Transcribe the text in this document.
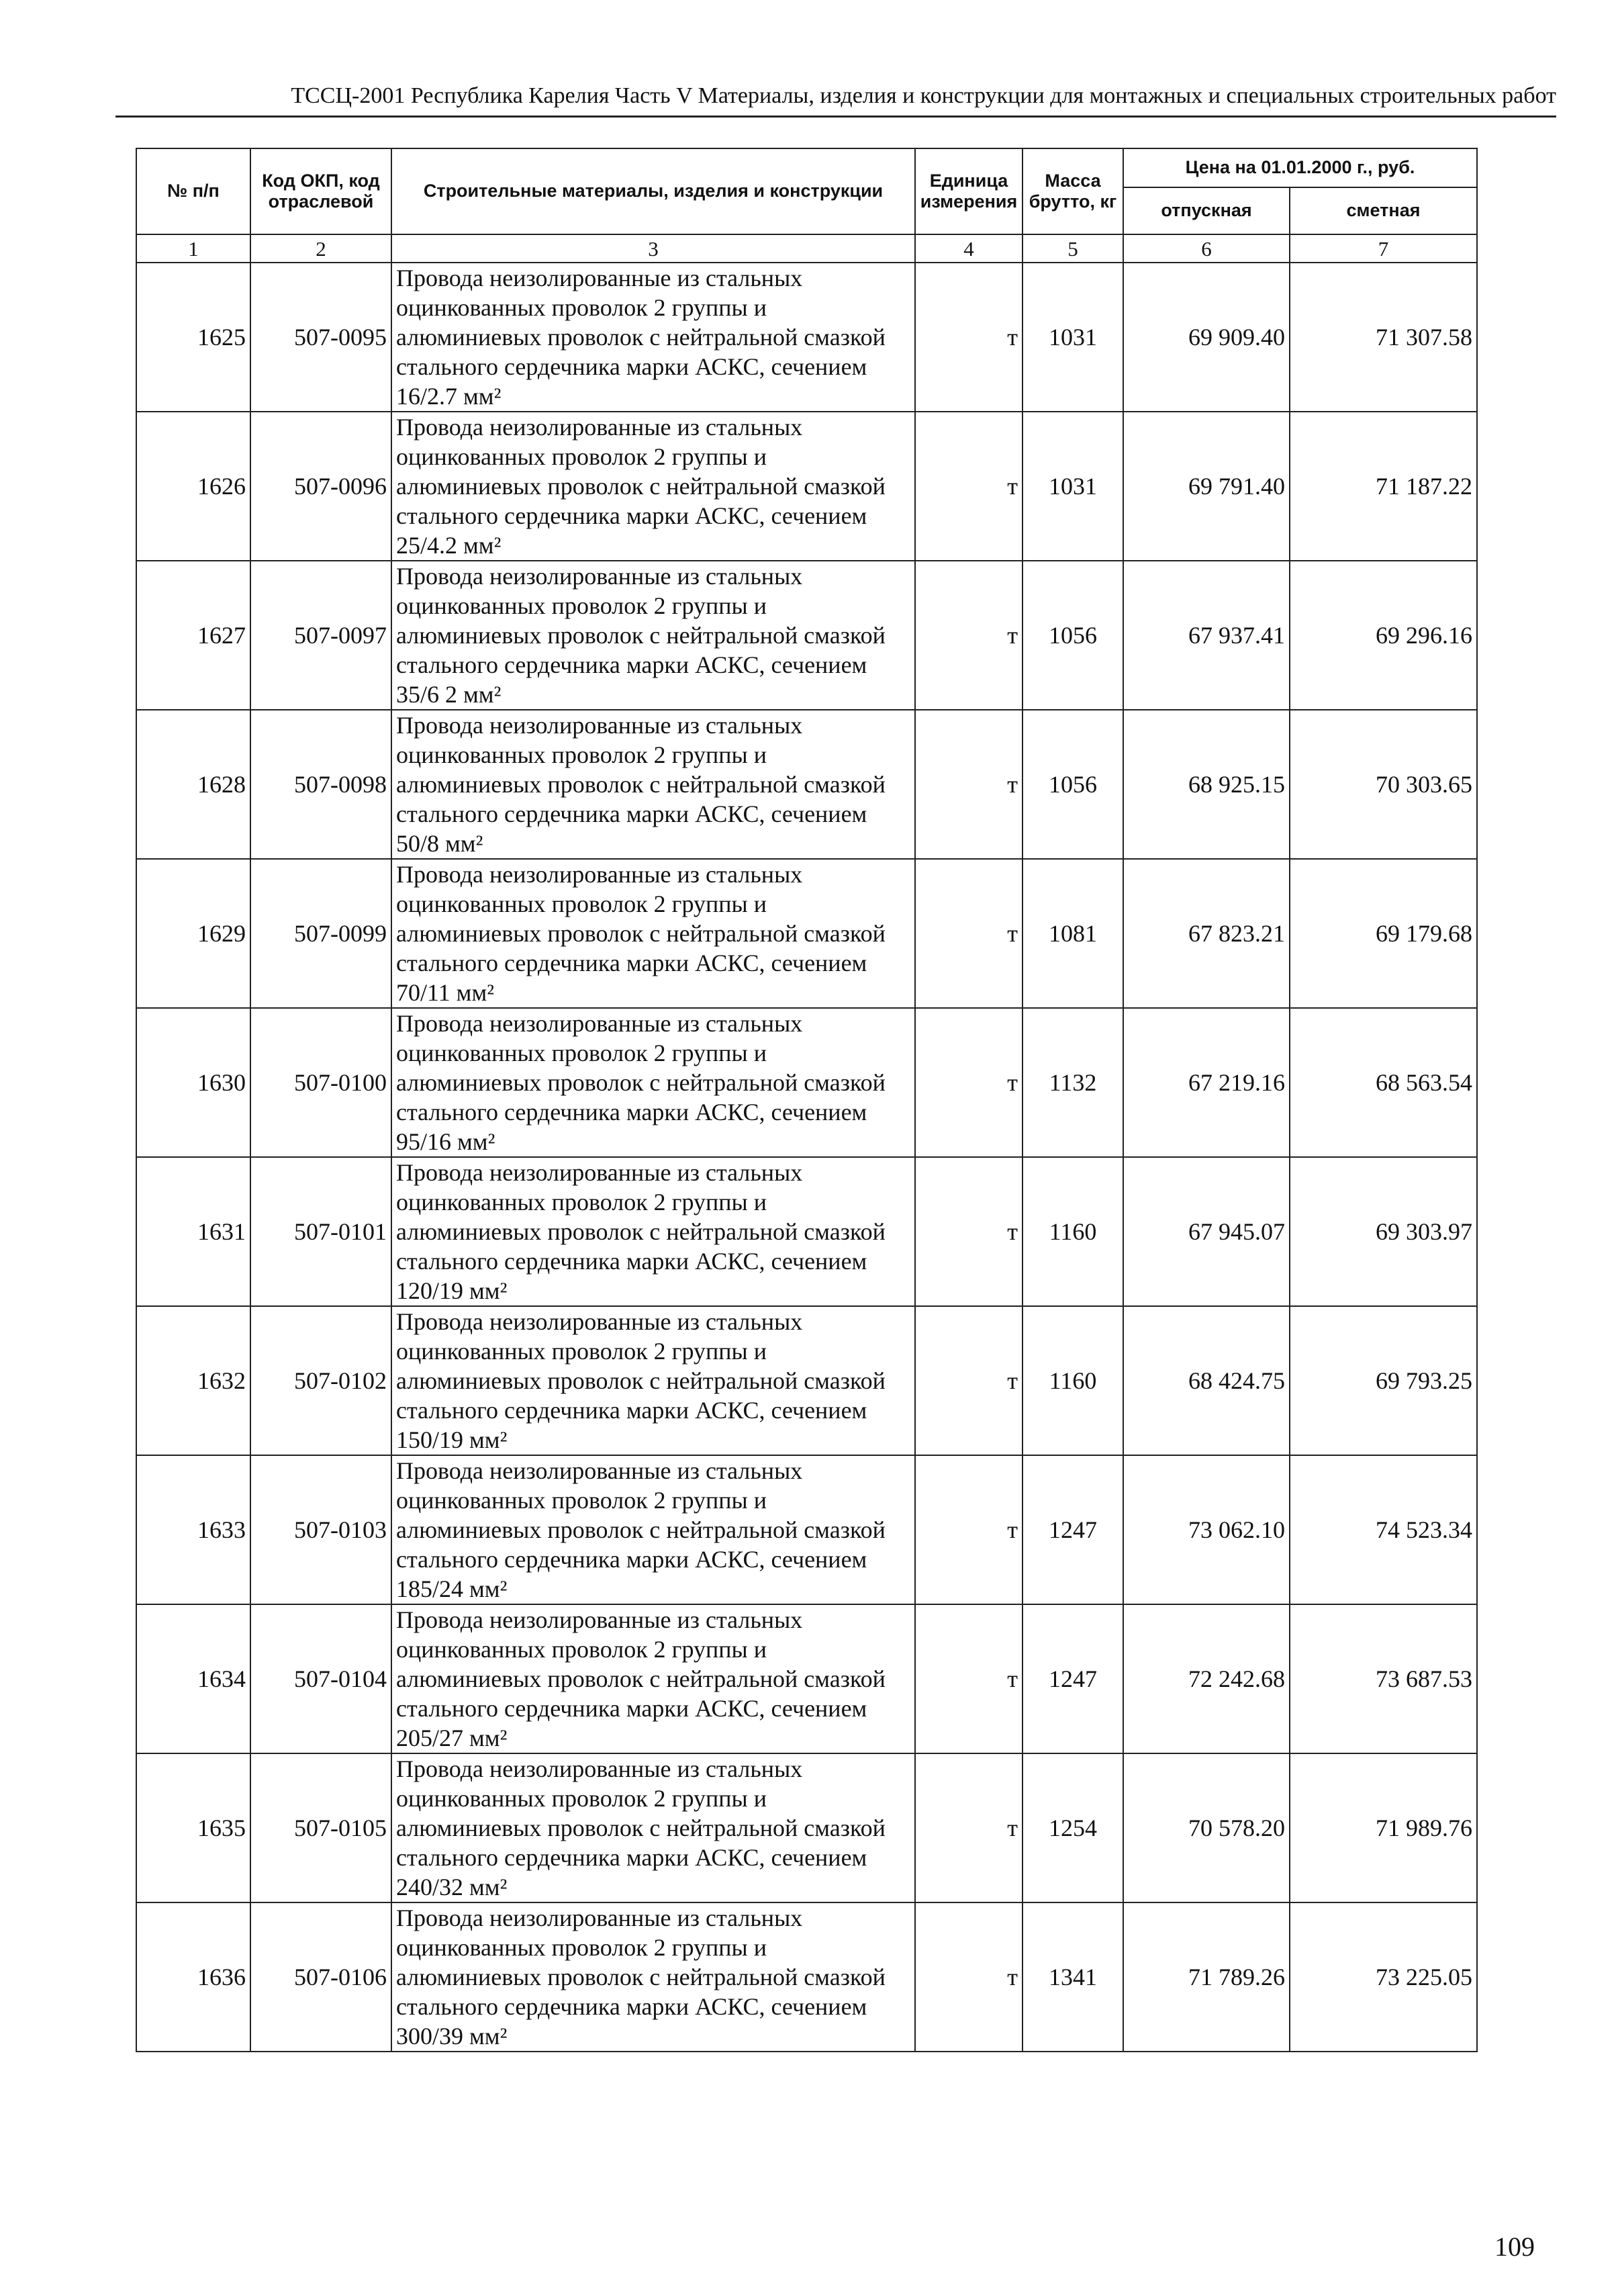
ТССЦ-2001 Республика Карелия Часть V Материалы, изделия и конструкции для монтажных и специальных строительных работ
№ п/п	Код ОКП, код отраслевой	Строительные материалы, изделия и конструкции	Единица измерения	Масса брутто, кг	Цена на 01.01.2000 г., руб.	
					отпускная	сметная
1	2	3	4	5	6	7
1625	507-0095	Провода неизолированные из стальных оцинкованных проволок 2 группы и алюминиевых проволок с нейтральной смазкой стального сердечника марки АСКС, сечением 16/2.7 мм²	т	1031	69 909.40	71 307.58
1626	507-0096	Провода неизолированные из стальных оцинкованных проволок 2 группы и алюминиевых проволок с нейтральной смазкой стального сердечника марки АСКС, сечением 25/4.2 мм²	т	1031	69 791.40	71 187.22
1627	507-0097	Провода неизолированные из стальных оцинкованных проволок 2 группы и алюминиевых проволок с нейтральной смазкой стального сердечника марки АСКС, сечением 35/6 2 мм²	т	1056	67 937.41	69 296.16
1628	507-0098	Провода неизолированные из стальных оцинкованных проволок 2 группы и алюминиевых проволок с нейтральной смазкой стального сердечника марки АСКС, сечением 50/8 мм²	т	1056	68 925.15	70 303.65
1629	507-0099	Провода неизолированные из стальных оцинкованных проволок 2 группы и алюминиевых проволок с нейтральной смазкой стального сердечника марки АСКС, сечением 70/11 мм²	т	1081	67 823.21	69 179.68
1630	507-0100	Провода неизолированные из стальных оцинкованных проволок 2 группы и алюминиевых проволок с нейтральной смазкой стального сердечника марки АСКС, сечением 95/16 мм²	т	1132	67 219.16	68 563.54
1631	507-0101	Провода неизолированные из стальных оцинкованных проволок 2 группы и алюминиевых проволок с нейтральной смазкой стального сердечника марки АСКС, сечением 120/19 мм²	т	1160	67 945.07	69 303.97
1632	507-0102	Провода неизолированные из стальных оцинкованных проволок 2 группы и алюминиевых проволок с нейтральной смазкой стального сердечника марки АСКС, сечением 150/19 мм²	т	1160	68 424.75	69 793.25
1633	507-0103	Провода неизолированные из стальных оцинкованных проволок 2 группы и алюминиевых проволок с нейтральной смазкой стального сердечника марки АСКС, сечением 185/24 мм²	т	1247	73 062.10	74 523.34
1634	507-0104	Провода неизолированные из стальных оцинкованных проволок 2 группы и алюминиевых проволок с нейтральной смазкой стального сердечника марки АСКС, сечением 205/27 мм²	т	1247	72 242.68	73 687.53
1635	507-0105	Провода неизолированные из стальных оцинкованных проволок 2 группы и алюминиевых проволок с нейтральной смазкой стального сердечника марки АСКС, сечением 240/32 мм²	т	1254	70 578.20	71 989.76
1636	507-0106	Провода неизолированные из стальных оцинкованных проволок 2 группы и алюминиевых проволок с нейтральной смазкой стального сердечника марки АСКС, сечением 300/39 мм²	т	1341	71 789.26	73 225.05
109
